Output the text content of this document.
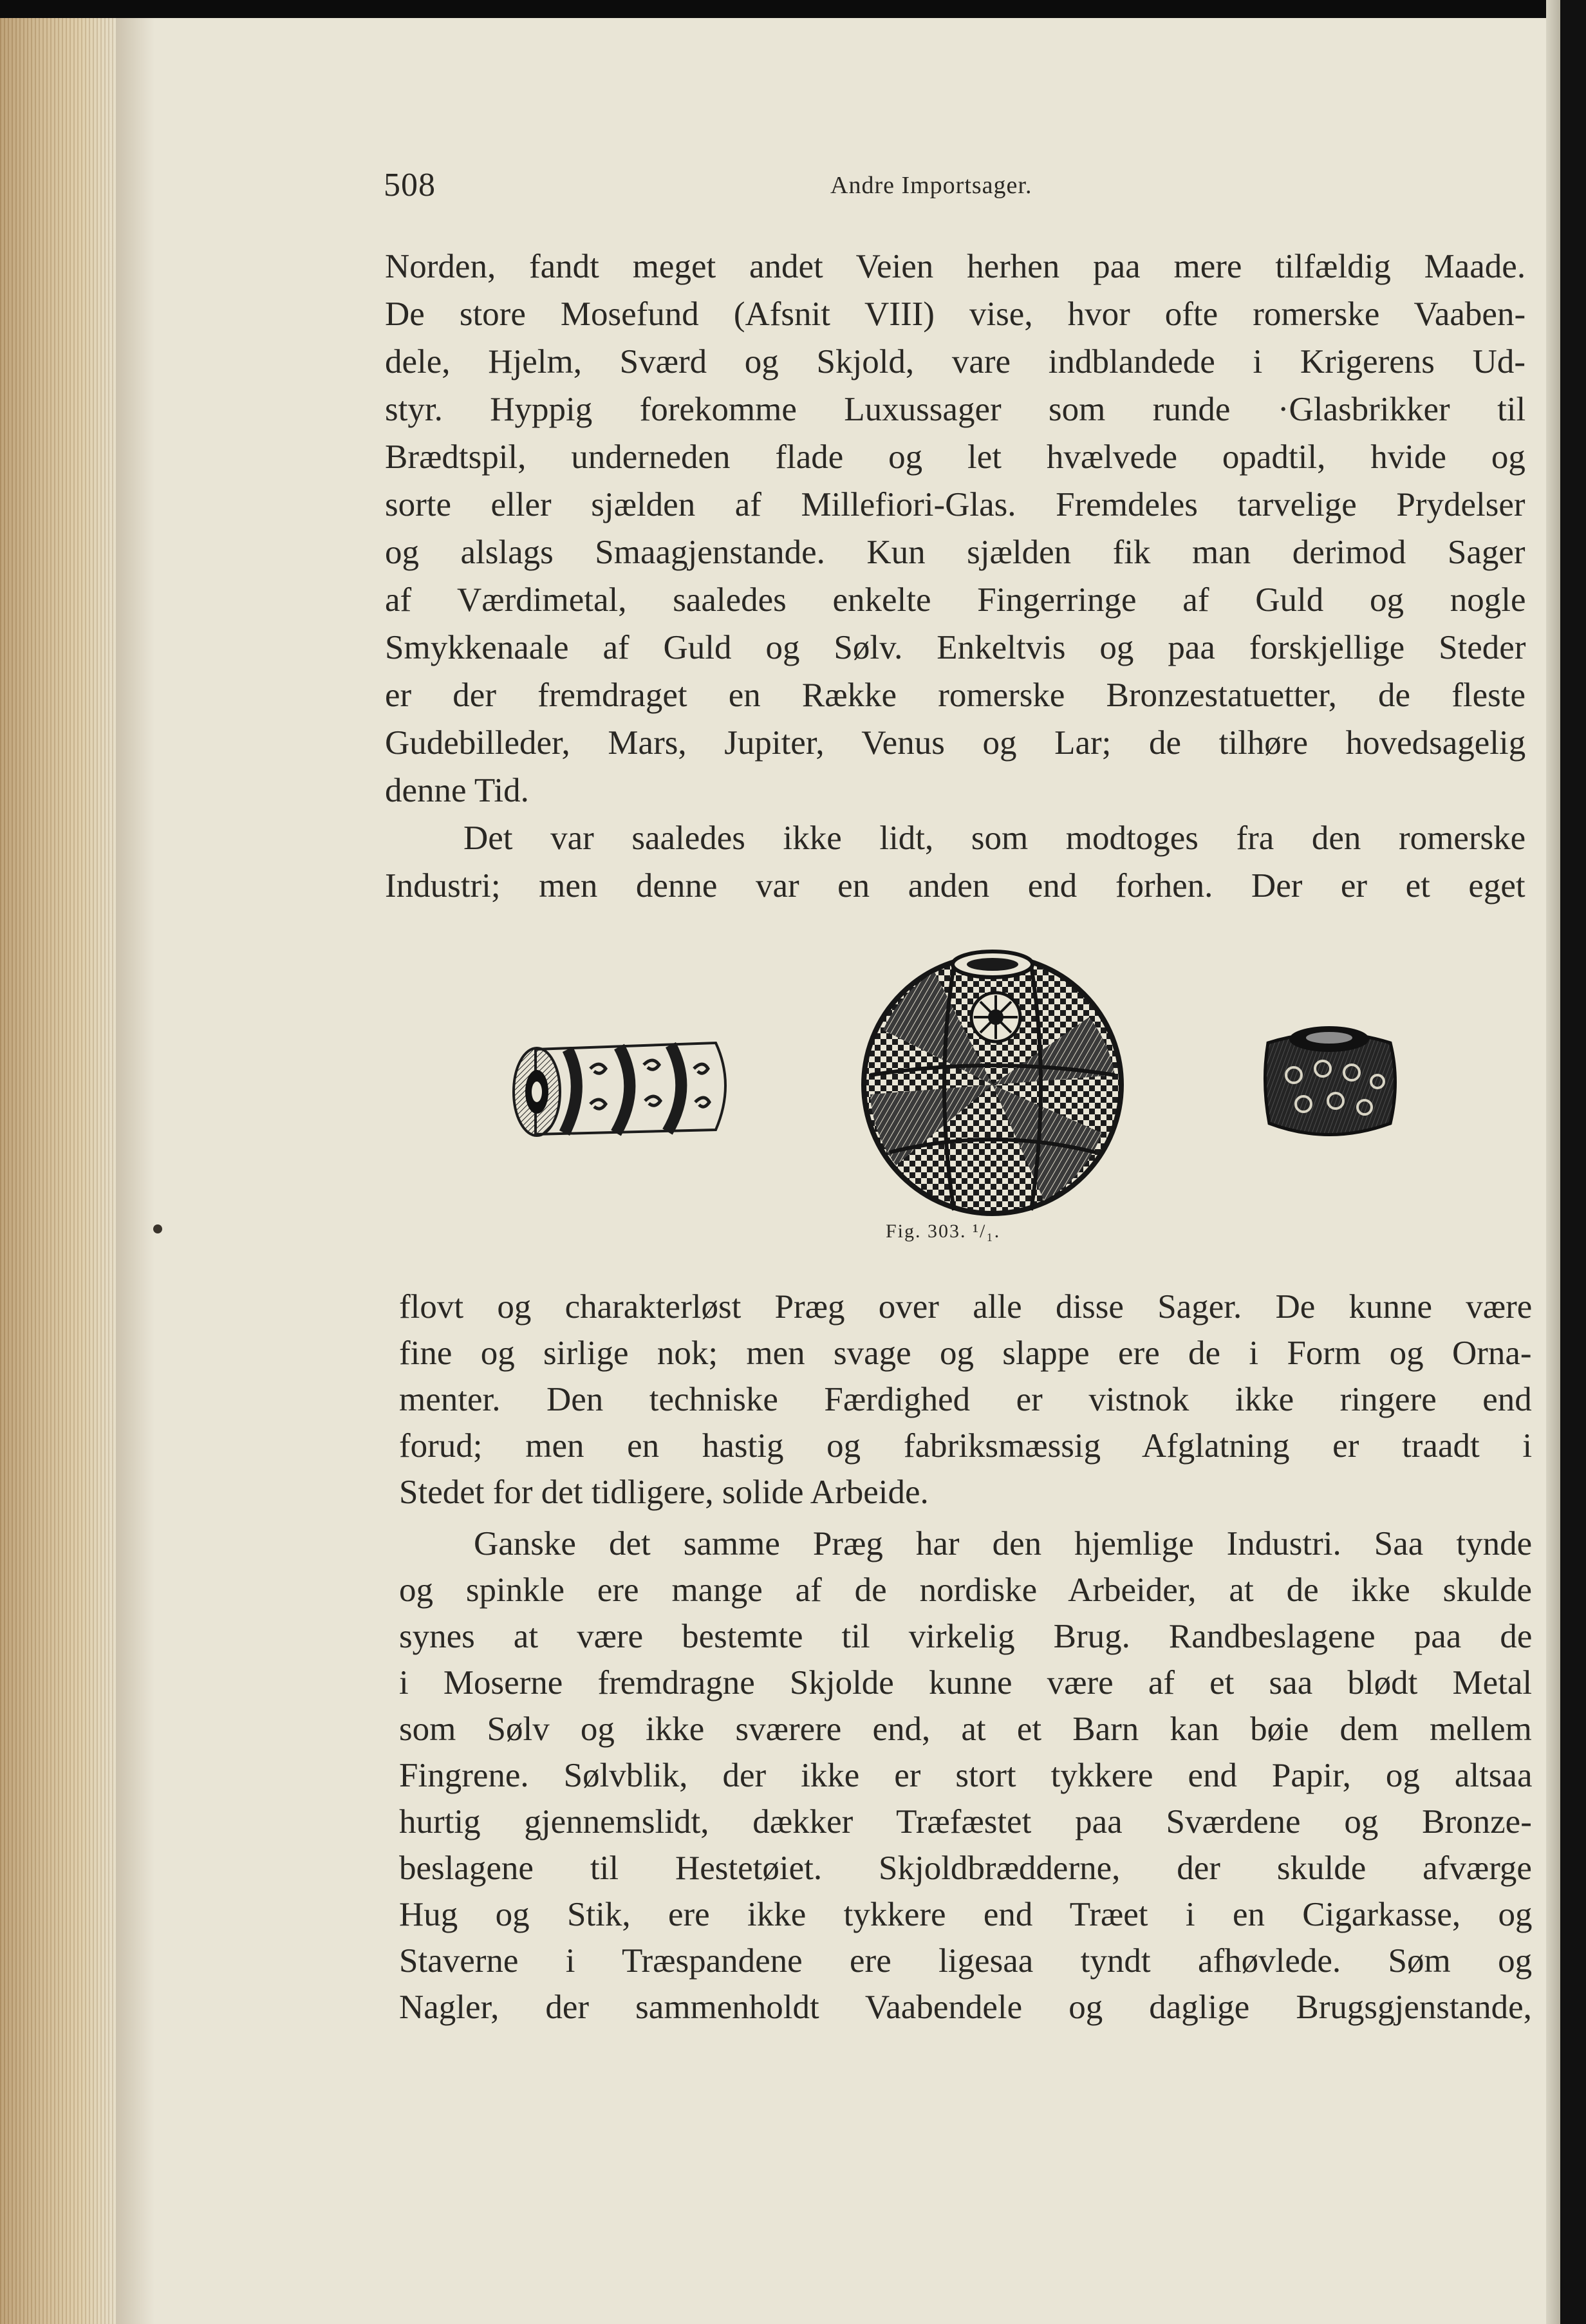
508	Andre Importsager.
Norden, fandt meget andet Veien herhen paa mere tilfældig Maade.
De store Mosefund (Afsnit VIII) vise, hvor ofte romerske Vaaben-
dele, Hjelm, Sværd og Skjold, vare indblandede i Krigerens Ud-
styr. Hyppig forekomme Luxussager som runde ·Glasbrikker til
Brædtspil, underneden flade og let hvælvede opadtil, hvide og
sorte eller sjælden af Millefiori-Glas. Fremdeles tarvelige Prydelser
og alslags Smaagjenstande. Kun sjælden fik man derimod Sager
af Værdimetal, saaledes enkelte Fingerringe af Guld og nogle
Smykkenaale af Guld og Sølv. Enkeltvis og paa forskjellige Steder
er der fremdraget en Række romerske Bronzestatuetter, de fleste
Gudebilleder, Mars, Jupiter, Venus og Lar; de tilhøre hovedsagelig
denne Tid.
Det var saaledes ikke lidt, som modtoges fra den romerske
Industri; men denne var en anden end forhen. Der er et eget
Fig. 303. ¹/₁.
flovt og charakterløst Præg over alle disse Sager. De kunne være
fine og sirlige nok; men svage og slappe ere de i Form og Orna-
menter. Den techniske Færdighed er vistnok ikke ringere end
forud; men en hastig og fabriksmæssig Afglatning er traadt i
Stedet for det tidligere, solide Arbeide.
Ganske det samme Præg har den hjemlige Industri. Saa tynde
og spinkle ere mange af de nordiske Arbeider, at de ikke skulde
synes at være bestemte til virkelig Brug. Randbeslagene paa de
i Moserne fremdragne Skjolde kunne være af et saa blødt Metal
som Sølv og ikke sværere end, at et Barn kan bøie dem mellem
Fingrene. Sølvblik, der ikke er stort tykkere end Papir, og altsaa
hurtig gjennemslidt, dækker Træfæstet paa Sværdene og Bronze-
beslagene til Hestetøiet. Skjoldbrædderne, der skulde afværge
Hug og Stik, ere ikke tykkere end Træet i en Cigarkasse, og
Staverne i Træspandene ere ligesaa tyndt afhøvlede. Søm og
Nagler, der sammenholdt Vaabendele og daglige Brugsgjenstande,
